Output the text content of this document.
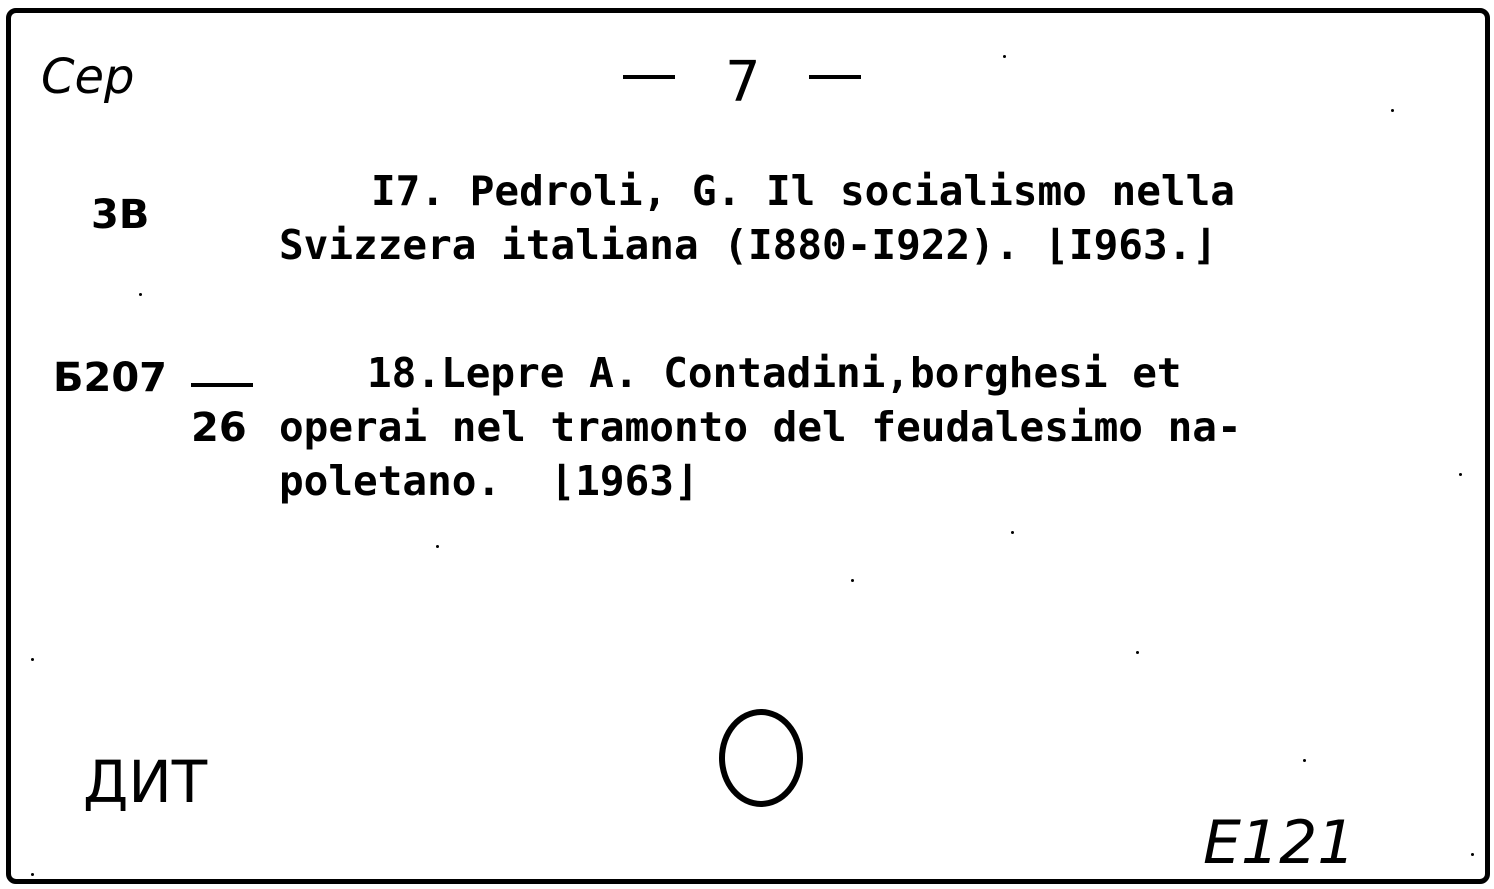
Cep	7
3B	I7. Pedroli, G. Il socialismo nella
Svizzera italiana (I880-I922). ⌊I963.⌋
Б207
26
18.Lepre A. Contadini,borghesi et
operai nel tramonto del feudalesimo na-
poletano.  ⌊1963⌋
ДИТ
E121
